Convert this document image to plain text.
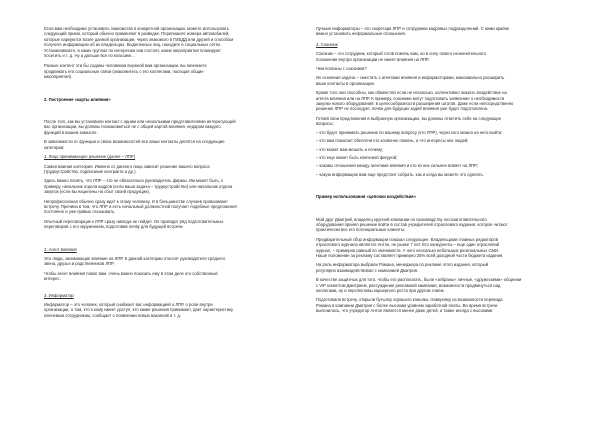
Если вам необходимо установить знакомство в конкретной организации, можете использовать
следующий прием, который обычно применяют в разведке. Перепишите номера автомобилей,
которые паркуются возле данной организации, через знакомого в ГИБДД или друзей и способом
получите информацию об их владельцах. Выделенных лиц, находите в социальных сетях.
Устанавливаете, в каких группах по интересам они состоят, какие мероприятия планируют
посетить и т. д. Ну а дальше все по классике...

Разные контент эти бы соданы человеком внужной вам организации, вы начинаете
продвижать его социальные связи (знакомитесь с его коллегами, посещая общие
мероприятия).

2. Построение «карты влияния»

После того, как вы установили контакт с одним или несколькими представителями интересующей
вас организации, вы должны познакомиться не с общей картой влияния, недаром каждого
функций в вашем замысле.

В зависимости от функции и своих возможностей все ваши контакты делятся на следующие
категории:

1. Лицо принимающее решение (далее – ЛПР)

Самая важная категория. Именно от данного лица зависит решение вашего вопроса
(трудоустройство, подписание контракта и др.).

Здесь важно понять, что ЛПР – это не обязательно руководитель фирмы. Им может быть, к
примеру, начальник отдела кадров (если ваша задача – трудоустройство) или начальник отдела
закупок (если вы нацелены на сбыт своей продукции).

Непрофессионал обычно сразу идет к этому человеку. И в большинстве случаев проваливает
встречу. Причина в том, что ЛПР и есть начальный должностной получает подобные предложения
постоянно и уже привык отказывать.

Опытный переговорщик к ЛПР сразу никогда не пойдет. Он проводит ряд подготовительных
переговоров с его окружением, подготовив почву для будущей встречи.

2. Агент влияния

Это люди, занимающие влияние на ЛПР. К данной категории относят руководителя среднего
звена, друзья и родственников ЛПР.

Чтобы агент влияния помог вам, очень важно показать ему в этом деле его собственный
интерес.

3. Информатор

Информатор – это человек, который снабжает вас информацией о ЛПР, о роли внутри
организации, о том, кто к кому имеет доступ, кто какие решения принимает, дает характеристику
ключевым сотрудникам, сообщает о появлении новых вакансий и т. д.

Лучшие информаторы – это секретари ЛПР и сотрудники кадровых подразделений. С ними крайне
важно установить неформальные отношения.

4. Союзник

Союзник – это сотрудник, который готов помочь вам, но в силу своего незначительного
положения внутри организации не имеет влияния на ЛПР.

Чем полезны с союзники?

Их основная задача – сместить с агентами влияния и информаторами, максимально расширить
ваше контакты в организации.

Кроме того они способны, как обменство если не несколько, коллективно оказать воздействие на
агента влияния или на ЛПР. К примеру, союзники могут подготовить заявление о необходимости
закупки нового оборудования; в целесообразности расширения штатов. Даже если непосредственно
решение ЛПР не последует, почва для будущих задей влияния уже будет подготовлена.

Готовя свои предложения в выбранную организацию, вы должны ответить себе на следующие
вопросы:

– кто будет принимать решение по вашему вопросу (кто ЛПР), через кого можно на него выйти;

– кто вам помогает обеспечи кто косвенно помочь, а что интересы них людей;

– кто может вам мешать и почему;

– кто еще может быть ключевой фигурой;

– каковы отношения между агентами влияния и кто из них сильнее влияет на ЛПР;

– какую информацию вам еще предстоит собрать, как и когда вы можете это сделать.

Пример использования «цепочки воздействия»

Мой друг Дмитрий, владелец крупной компании по производству лесозаготовительного
оборудования принял решение войти в состав учредителей отраслевого издания, которое читают
практически все его потенциальные клиенты.

Предварительный сбор информации показал следующее. Владельцами главных редакторов
отраслевого журнала является Антон, не рынке 7 лет. Его конкуренты – еще один отраслевой
журнал, – примерно равный по значимости. У него несколько небольших региональных СМИ.
Наше положение за рекламу составляет примерно 25% всей доходной части бюджета издания.

На роль информатора выбрали Романа, менеджера по рекламе этого издания, который
регулярно взаимодействовал с компанией Дмитрия.

В качестве защитных для того, чтобы его располагать, были «зебраны» личные, «дружескими» общении
с VIP клиентом Дмитрием, рассуждение рекламной кампании, возможности продвинуться над
коллегами, ну и перспективы карьерного роста при другом счаем.

Подготовили встречу, открыли бутылку хорошего коньяка. Наверняку из возможности перевода
Романа в компании Дмитрия с более высоким уровнем заработной платы. Во время встречи
выяснилось, что учредитор Антон является менее даже детей, а также иногда с высокими
